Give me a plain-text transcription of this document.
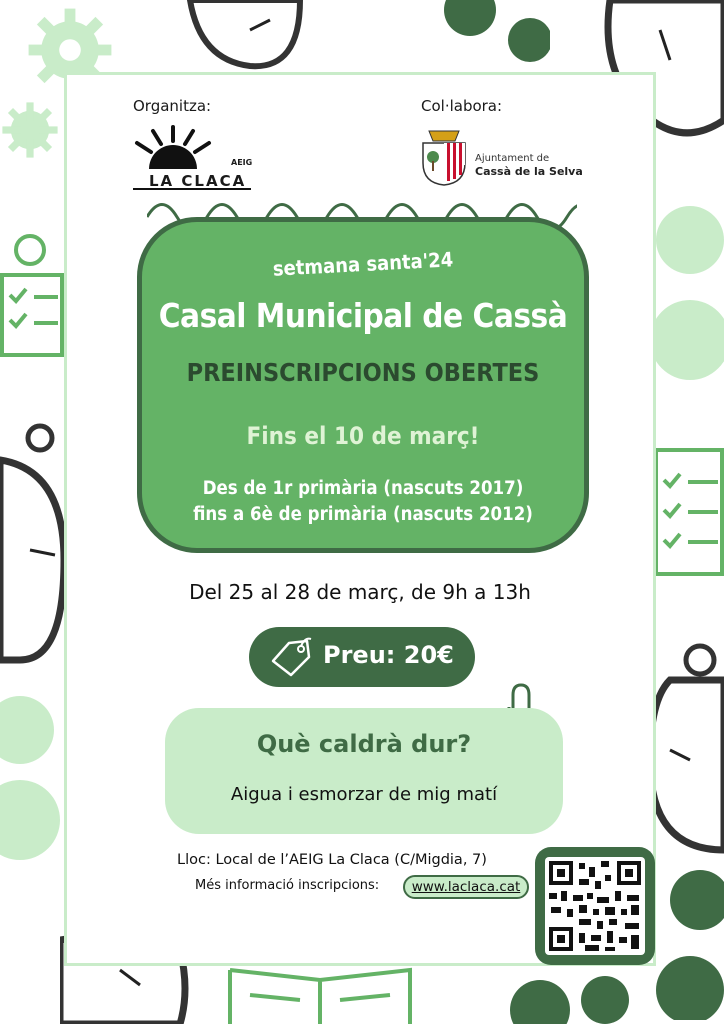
Organitza:	Col·labora:
AEIG
LA CLACA
Ajuntament de
Cassà de la Selva
setmana santa'24
Casal Municipal de Cassà
PREINSCRIPCIONS OBERTES
Fins el 10 de març!
Des de 1r primària (nascuts 2017)
fins a 6è de primària (nascuts 2012)
Del 25 al 28 de març, de 9h a 13h
Preu: 20€
Què caldrà dur?
Aigua i esmorzar de mig matí
Lloc: Local de l’AEIG La Claca (C/Migdia, 7)
Més informació inscripcions:	www.laclaca.cat
